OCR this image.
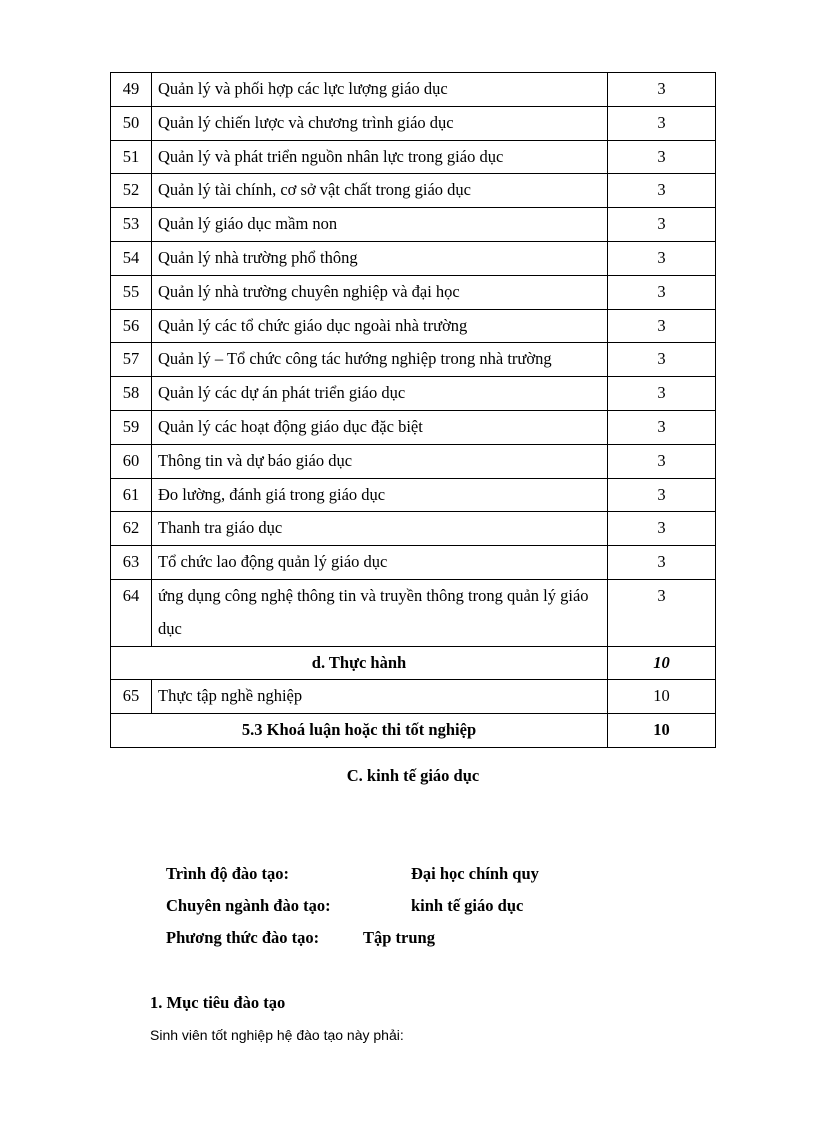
49	Quản lý và phối hợp các lực lượng giáo dục	3
50	Quản lý chiến lược và chương trình giáo dục	3
51	Quản lý và phát triển nguồn nhân lực trong giáo dục	3
52	Quản lý tài chính, cơ sở vật chất trong giáo dục	3
53	Quản lý giáo dục mầm non	3
54	Quản lý nhà trường phổ thông	3
55	Quản lý nhà trường chuyên nghiệp và đại học	3
56	Quản lý các tổ chức giáo dục ngoài nhà trường	3
57	Quản lý – Tổ chức công tác hướng nghiệp trong nhà trường	3
58	Quản lý các dự án phát triển giáo dục	3
59	Quản lý các hoạt động giáo dục đặc biệt	3
60	Thông tin và dự báo giáo dục	3
61	Đo lường, đánh giá trong giáo dục	3
62	Thanh tra giáo dục	3
63	Tổ chức lao động quản lý giáo dục	3
64	ứng dụng công nghệ thông tin và truyền thông trong quản lý giáo dục	3
d. Thực hành		10
65	Thực tập nghề nghiệp	10
5.3 Khoá luận hoặc thi tốt nghiệp		10
C. kinh tế giáo dục
Trình độ đào tạo:	Đại học chính quy
Chuyên ngành đào tạo:	kinh tế giáo dục
Phương thức đào tạo:	Tập trung
1. Mục tiêu đào tạo
Sinh viên tốt nghiệp hệ đào tạo này phải:
